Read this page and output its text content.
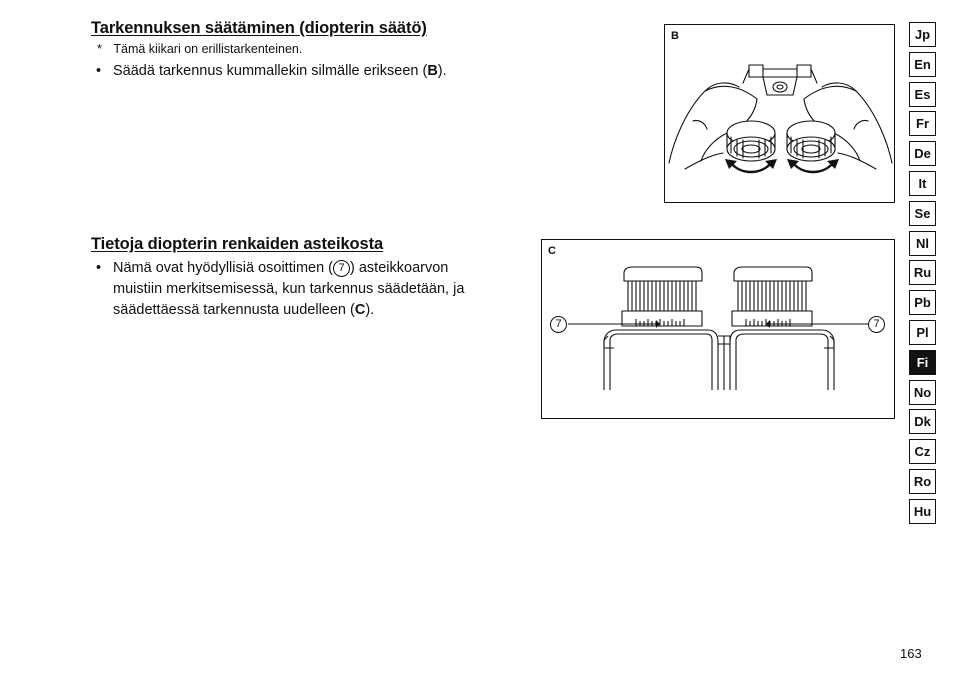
Tarkennuksen säätäminen (diopterin säätö)
* Tämä kiikari on erillistarkenteinen.
• Säädä tarkennus kummallekin silmälle erikseen (B).
Tietoja diopterin renkaiden asteikosta
• Nämä ovat hyödyllisiä osoittimen ( 7 ) asteikkoarvon
muistiin merkitsemisessä, kun tarkennus säädetään, ja
säädettäessä tarkennusta uudelleen (C).
B
C
7	7
Jp
En
Es
Fr
De
It
Se
Nl
Ru
Pb
Pl
Fi
No
Dk
Cz
Ro
Hu
163
